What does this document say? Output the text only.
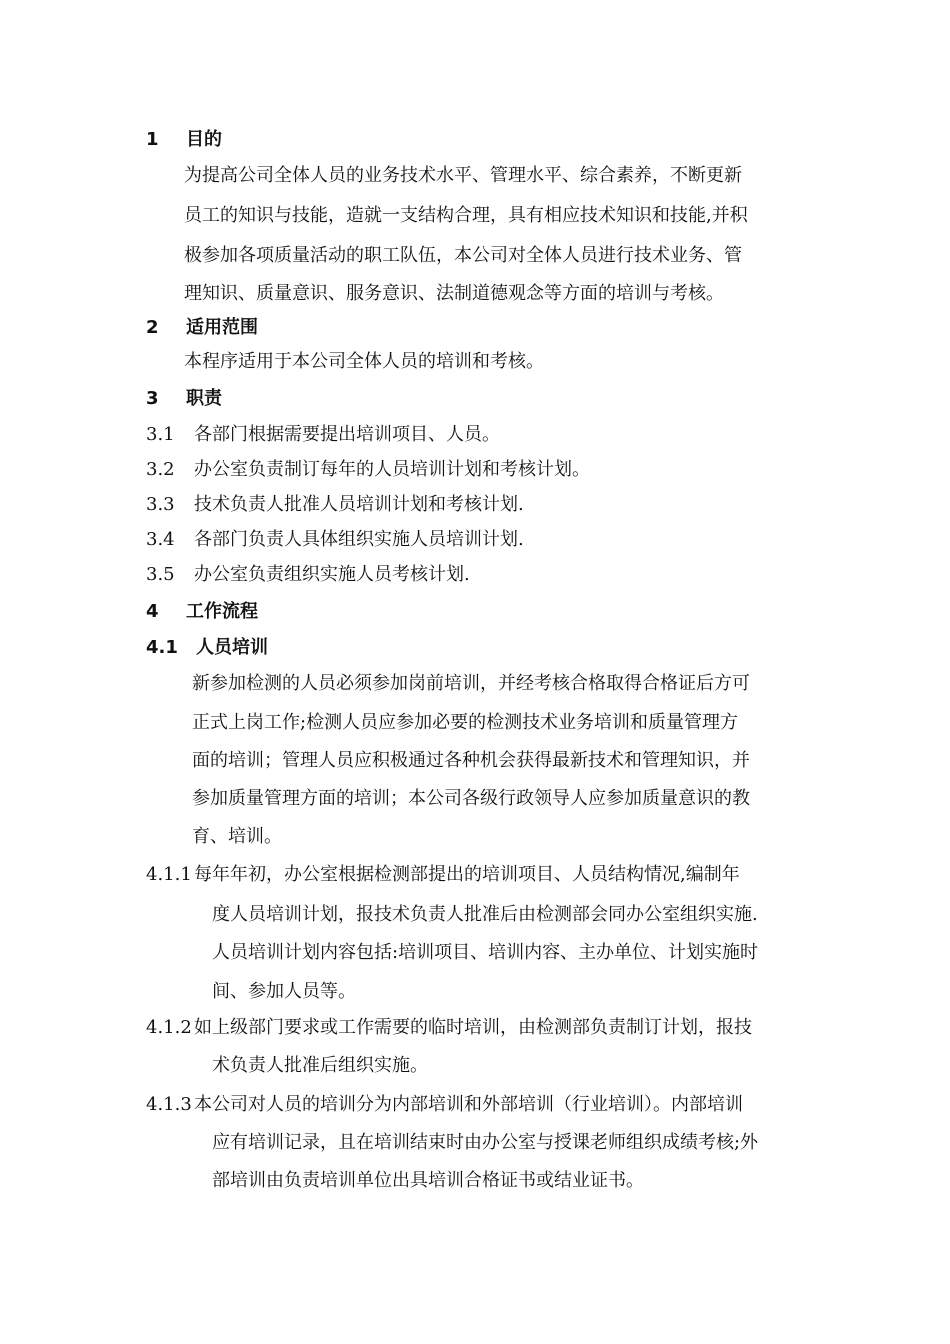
1 目的
为提高公司全体人员的业务技术水平、管理水平、综合素养，不断更新
员工的知识与技能，造就一支结构合理，具有相应技术知识和技能,并积
极参加各项质量活动的职工队伍，本公司对全体人员进行技术业务、管
理知识、质量意识、服务意识、法制道德观念等方面的培训与考核。
2 适用范围
本程序适用于本公司全体人员的培训和考核。
3 职责
3.1 各部门根据需要提出培训项目、人员。
3.2 办公室负责制订每年的人员培训计划和考核计划。
3.3 技术负责人批准人员培训计划和考核计划.
3.4 各部门负责人具体组织实施人员培训计划.
3.5 办公室负责组织实施人员考核计划.
4 工作流程
4.1 人员培训
新参加检测的人员必须参加岗前培训，并经考核合格取得合格证后方可
正式上岗工作;检测人员应参加必要的检测技术业务培训和质量管理方
面的培训；管理人员应积极通过各种机会获得最新技术和管理知识，并
参加质量管理方面的培训；本公司各级行政领导人应参加质量意识的教
育、培训。
4.1.1 每年年初，办公室根据检测部提出的培训项目、人员结构情况,编制年
度人员培训计划，报技术负责人批准后由检测部会同办公室组织实施.
人员培训计划内容包括:培训项目、培训内容、主办单位、计划实施时
间、参加人员等。
4.1.2 如上级部门要求或工作需要的临时培训，由检测部负责制订计划，报技
术负责人批准后组织实施。
4.1.3 本公司对人员的培训分为内部培训和外部培训（行业培训）。内部培训
应有培训记录，且在培训结束时由办公室与授课老师组织成绩考核;外
部培训由负责培训单位出具培训合格证书或结业证书。
